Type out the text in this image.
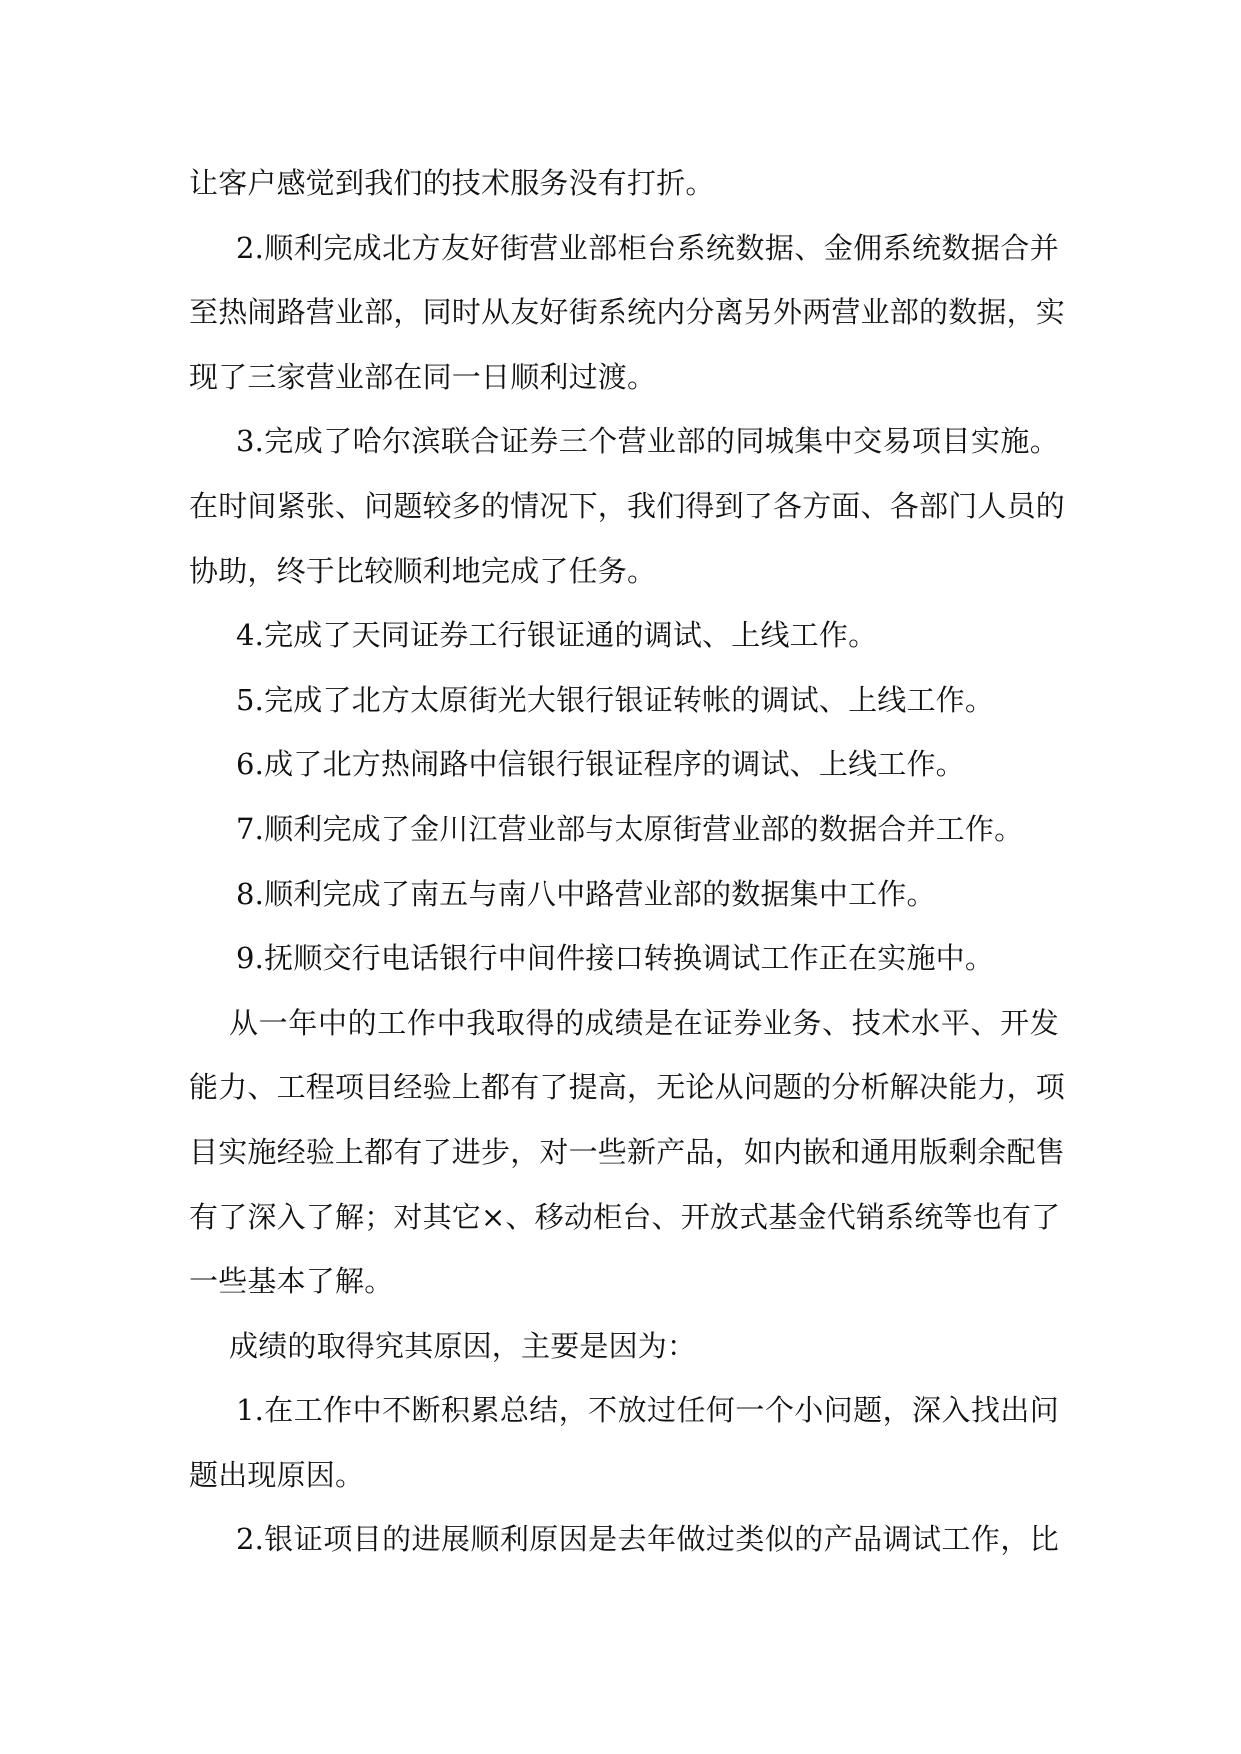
让客户感觉到我们的技术服务没有打折。
2.顺利完成北方友好街营业部柜台系统数据、金佣系统数据合并
至热闹路营业部，同时从友好街系统内分离另外两营业部的数据，实
现了三家营业部在同一日顺利过渡。
3.完成了哈尔滨联合证券三个营业部的同城集中交易项目实施。
在时间紧张、问题较多的情况下，我们得到了各方面、各部门人员的
协助，终于比较顺利地完成了任务。
4.完成了天同证券工行银证通的调试、上线工作。
5.完成了北方太原街光大银行银证转帐的调试、上线工作。
6.成了北方热闹路中信银行银证程序的调试、上线工作。
7.顺利完成了金川江营业部与太原街营业部的数据合并工作。
8.顺利完成了南五与南八中路营业部的数据集中工作。
9.抚顺交行电话银行中间件接口转换调试工作正在实施中。
从一年中的工作中我取得的成绩是在证券业务、技术水平、开发
能力、工程项目经验上都有了提高，无论从问题的分析解决能力，项
目实施经验上都有了进步，对一些新产品，如内嵌和通用版剩余配售
有了深入了解；对其它×、移动柜台、开放式基金代销系统等也有了
一些基本了解。
成绩的取得究其原因，主要是因为：
1.在工作中不断积累总结，不放过任何一个小问题，深入找出问
题出现原因。
2.银证项目的进展顺利原因是去年做过类似的产品调试工作，比
